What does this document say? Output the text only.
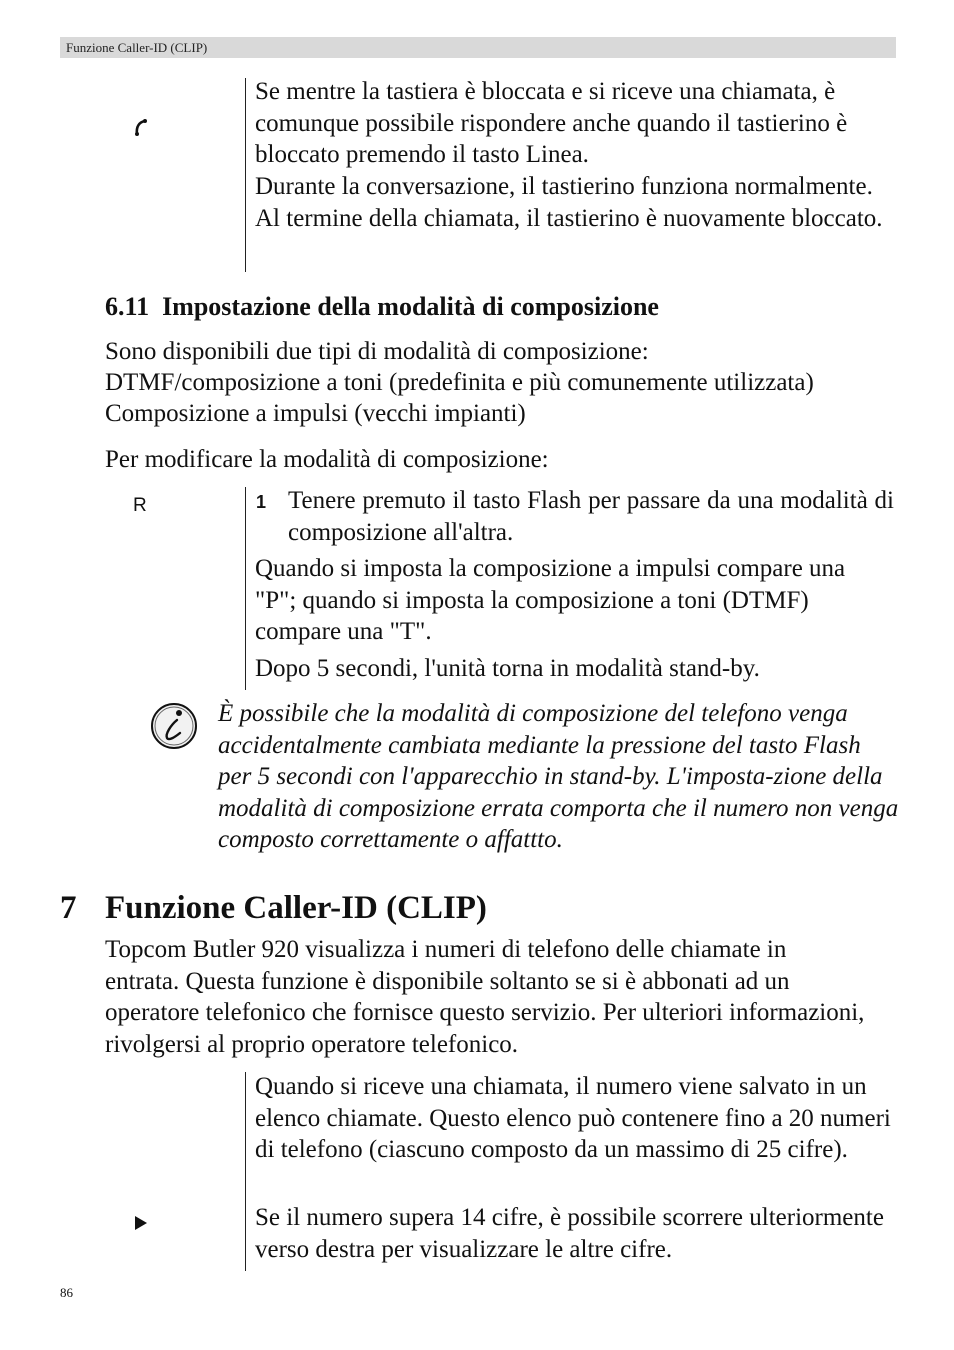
Funzione Caller-ID (CLIP)

Se mentre la tastiera è bloccata e si riceve una chiamata, è comunque possibile rispondere anche quando il tastierino è bloccato premendo il tasto Linea.

Durante la conversazione, il tastierino funziona normalmente. Al termine della chiamata, il tastierino è nuovamente bloccato.

6.11  Impostazione della modalità di composizione

Sono disponibili due tipi di modalità di composizione:

DTMF/composizione a toni (predefinita e più comunemente utilizzata)

Composizione a impulsi (vecchi impianti)

Per modificare la modalità di composizione:

R	1 Tenere premuto il tasto Flash per passare da una modalità di composizione all'altra.

Quando si imposta la composizione a impulsi compare una "P"; quando si imposta la composizione a toni (DTMF) compare una "T".

Dopo 5 secondi, l'unità torna in modalità stand-by.

È possibile che la modalità di composizione del telefono venga accidentalmente cambiata mediante la pressione del tasto Flash per 5 secondi con l'apparecchio in stand-by. L'imposta-zione della modalità di composizione errata comporta che il numero non venga composto correttamente o affattto.

7 Funzione Caller-ID (CLIP)

Topcom Butler 920 visualizza i numeri di telefono delle chiamate in entrata. Questa funzione è disponibile soltanto se si è abbonati ad un operatore telefonico che fornisce questo servizio. Per ulteriori informazioni, rivolgersi al proprio operatore telefonico.

Quando si riceve una chiamata, il numero viene salvato in un elenco chiamate. Questo elenco può contenere fino a 20 numeri di telefono (ciascuno composto da un massimo di 25 cifre).

Se il numero supera 14 cifre, è possibile scorrere ulteriormente verso destra per visualizzare le altre cifre.

86
